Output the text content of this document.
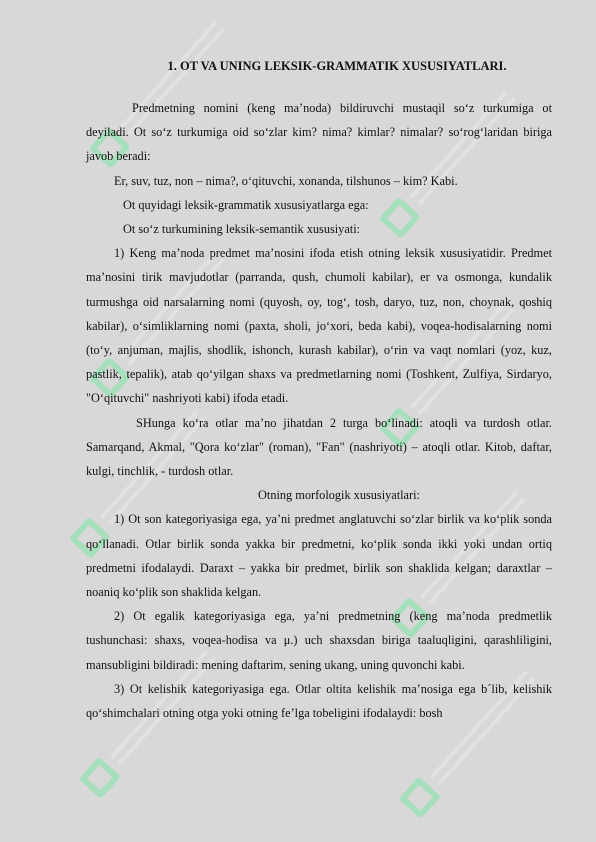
1. OT VA UNING LEKSIK-GRAMMATIK XUSUSIYATLARI.

Predmetning nomini (keng ma’noda) bildiruvchi mustaqil so‘z turkumiga ot deyiladi. Ot so‘z turkumiga oid so‘zlar kim? nima? kimlar? nimalar? so‘rog‘laridan biriga javob beradi:

Er, suv, tuz, non – nima?, o‘qituvchi, xonanda, tilshunos – kim? Kabi.

Ot quyidagi leksik-grammatik xususiyatlarga ega:

Ot so‘z turkumining leksik-semantik xususiyati:

1) Keng ma’noda predmet ma’nosini ifoda etish otning leksik xususiyatidir. Predmet ma’nosini tirik mavjudotlar (parranda, qush, chumoli kabilar), er va osmonga, kundalik turmushga oid narsalarning nomi (quyosh, oy, tog‘, tosh, daryo, tuz, non, choynak, qoshiq kabilar), o‘simliklarning nomi (paxta, sholi, jo‘xori, beda kabi), voqea-hodisalarning nomi (to‘y, anjuman, majlis, shodlik, ishonch, kurash kabilar), o‘rin va vaqt nomlari (yoz, kuz, pastlik, tepalik), atab qo‘yilgan shaxs va predmetlarning nomi (Toshkent, Zulfiya, Sirdaryo, "O‘qituvchi" nashriyoti kabi) ifoda etadi.

SHunga ko‘ra otlar ma’no jihatdan 2 turga bo‘linadi: atoqli va turdosh otlar. Samarqand, Akmal, "Qora ko‘zlar" (roman), "Fan" (nashriyoti) – atoqli otlar. Kitob, daftar, kulgi, tinchlik, - turdosh otlar.

Otning morfologik xususiyatlari:

1) Ot son kategoriyasiga ega, ya’ni predmet anglatuvchi so‘zlar birlik va ko‘plik sonda qo‘llanadi. Otlar birlik sonda yakka bir predmetni, ko‘plik sonda ikki yoki undan ortiq predmetni ifodalaydi. Daraxt – yakka bir predmet, birlik son shaklida kelgan; daraxtlar – noaniq ko‘plik son shaklida kelgan.

2) Ot egalik kategoriyasiga ega, ya’ni predmetning (keng ma’noda predmetlik tushunchasi: shaxs, voqea-hodisa va μ.) uch shaxsdan biriga taaluqligini, qarashliligini, mansubligini bildiradi: mening daftarim, sening ukang, uning quvonchi kabi.

3) Ot kelishik kategoriyasiga ega. Otlar oltita kelishik ma’nosiga ega b´lib, kelishik qo‘shimchalari otning otga yoki otning fe’lga tobeligini ifodalaydi: bosh
